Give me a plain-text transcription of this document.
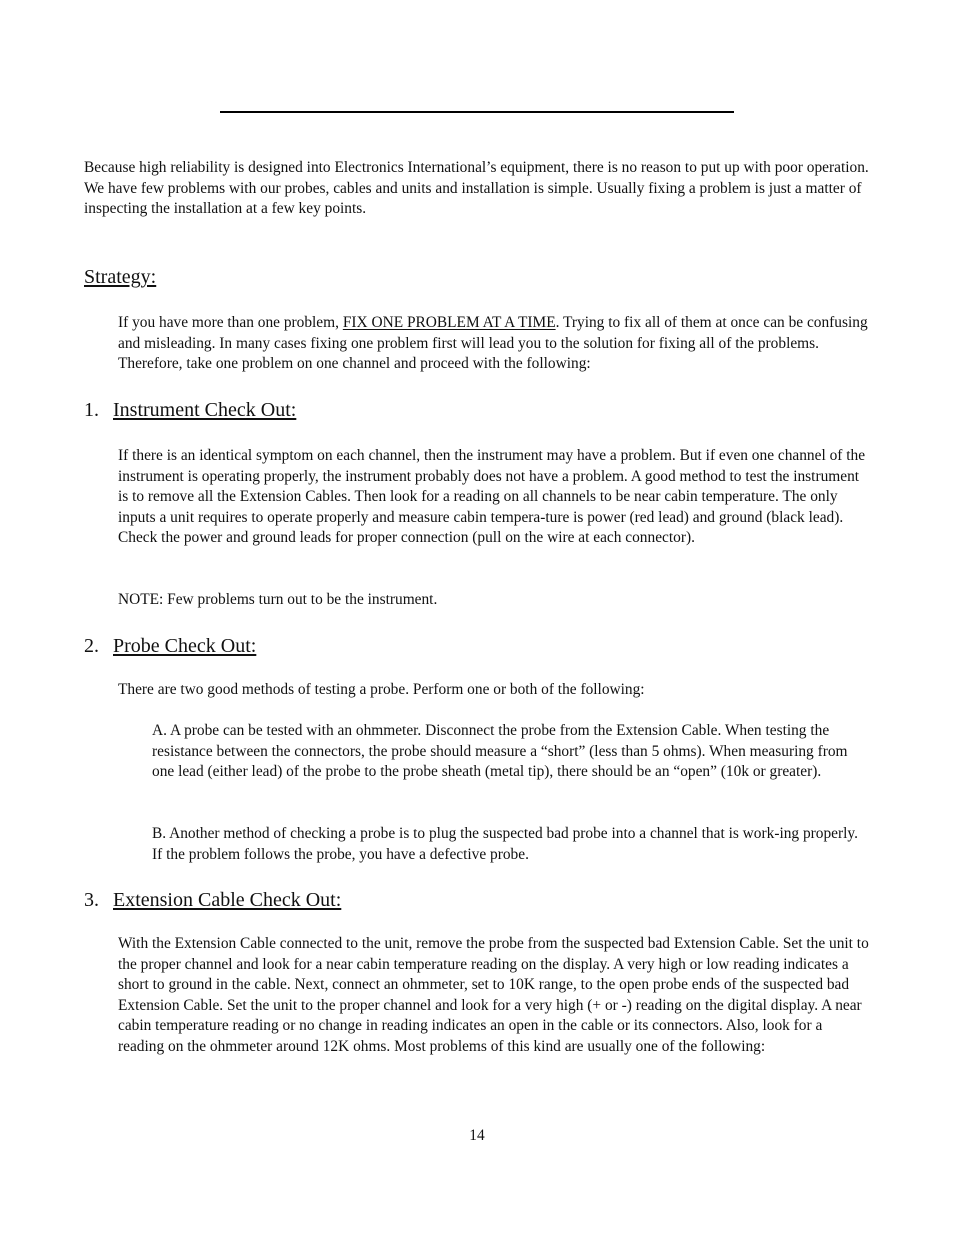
Because high reliability is designed into Electronics International’s equipment, there is no reason to put up with poor operation. We have few problems with our probes, cables and units and installation is simple. Usually fixing a problem is just a matter of inspecting the installation at a few key points.

Strategy:

If you have more than one problem, FIX ONE PROBLEM AT A TIME. Trying to fix all of them at once can be confusing and misleading. In many cases fixing one problem first will lead you to the solution for fixing all of the problems. Therefore, take one problem on one channel and proceed with the following:

1. Instrument Check Out:

If there is an identical symptom on each channel, then the instrument may have a problem. But if even one channel of the instrument is operating properly, the instrument probably does not have a problem. A good method to test the instrument is to remove all the Extension Cables. Then look for a reading on all channels to be near cabin temperature. The only inputs a unit requires to operate properly and measure cabin tempera-ture is power (red lead) and ground (black lead). Check the power and ground leads for proper connection (pull on the wire at each connector).

NOTE: Few problems turn out to be the instrument.

2. Probe Check Out:

There are two good methods of testing a probe. Perform one or both of the following:

A. A probe can be tested with an ohmmeter. Disconnect the probe from the Extension Cable. When testing the resistance between the connectors, the probe should measure a “short” (less than 5 ohms). When measuring from one lead (either lead) of the probe to the probe sheath (metal tip), there should be an “open” (10k or greater).

B. Another method of checking a probe is to plug the suspected bad probe into a channel that is work-ing properly. If the problem follows the probe, you have a defective probe.

3. Extension Cable Check Out:

With the Extension Cable connected to the unit, remove the probe from the suspected bad Extension Cable. Set the unit to the proper channel and look for a near cabin temperature reading on the display. A very high or low reading indicates a short to ground in the cable. Next, connect an ohmmeter, set to 10K range, to the open probe ends of the suspected bad Extension Cable. Set the unit to the proper channel and look for a very high (+ or -) reading on the digital display. A near cabin temperature reading or no change in reading indicates an open in the cable or its connectors. Also, look for a reading on the ohmmeter around 12K ohms. Most problems of this kind are usually one of the following:

14
